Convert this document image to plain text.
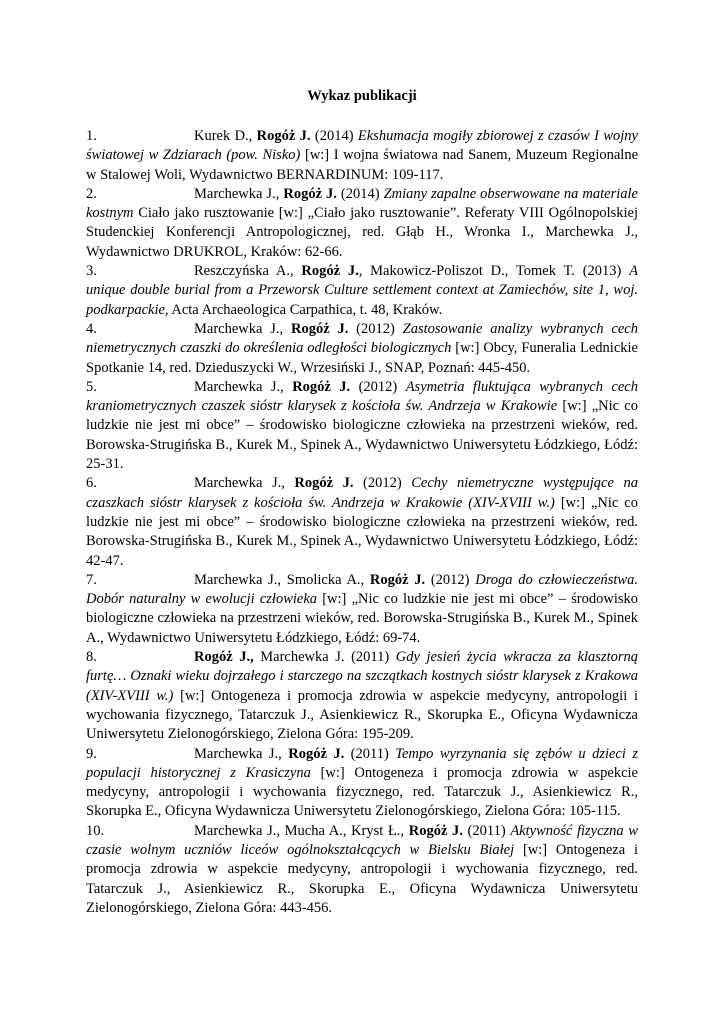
Wykaz publikacji

1.	Kurek D., Rogóż J. (2014) Ekshumacja mogiły zbiorowej z czasów I wojny światowej w Zdziarach (pow. Nisko) [w:] I wojna światowa nad Sanem, Muzeum Regionalne w Stalowej Woli, Wydawnictwo BERNARDINUM: 109-117.

2.	Marchewka J., Rogóż J. (2014) Zmiany zapalne obserwowane na materiale kostnym Ciało jako rusztowanie [w:] „Ciało jako rusztowanie”. Referaty VIII Ogólnopolskiej Studenckiej Konferencji Antropologicznej, red. Głąb H., Wronka I., Marchewka J., Wydawnictwo DRUKROL, Kraków: 62-66.

3.	Reszczyńska A., Rogóż J., Makowicz-Poliszot D., Tomek T. (2013) A unique double burial from a Przeworsk Culture settlement context at Zamiechów, site 1, woj. podkarpackie, Acta Archaeologica Carpathica, t. 48, Kraków.

4.	Marchewka J., Rogóż J. (2012) Zastosowanie analizy wybranych cech niemetrycznych czaszki do określenia odległości biologicznych [w:] Obcy, Funeralia Lednickie Spotkanie 14, red. Dzieduszycki W., Wrzesiński J., SNAP, Poznań: 445-450.

5.	Marchewka J., Rogóż J. (2012) Asymetria fluktująca wybranych cech kraniometrycznych czaszek sióstr klarysek z kościoła św. Andrzeja w Krakowie [w:] „Nic co ludzkie nie jest mi obce” – środowisko biologiczne człowieka na przestrzeni wieków, red. Borowska-Strugińska B., Kurek M., Spinek A., Wydawnictwo Uniwersytetu Łódzkiego, Łódź: 25-31.

6.	Marchewka J., Rogóż J. (2012) Cechy niemetryczne występujące na czaszkach sióstr klarysek z kościoła św. Andrzeja w Krakowie (XIV-XVIII w.) [w:] „Nic co ludzkie nie jest mi obce” – środowisko biologiczne człowieka na przestrzeni wieków, red. Borowska-Strugińska B., Kurek M., Spinek A., Wydawnictwo Uniwersytetu Łódzkiego, Łódź: 42-47.

7.	Marchewka J., Smolicka A., Rogóż J. (2012) Droga do człowieczeństwa. Dobór naturalny w ewolucji człowieka [w:] „Nic co ludzkie nie jest mi obce” – środowisko biologiczne człowieka na przestrzeni wieków, red. Borowska-Strugińska B., Kurek M., Spinek A., Wydawnictwo Uniwersytetu Łódzkiego, Łódź: 69-74.

8.	Rogóż J., Marchewka J. (2011) Gdy jesień życia wkracza za klasztorną furtę… Oznaki wieku dojrzałego i starczego na szczątkach kostnych sióstr klarysek z Krakowa (XIV-XVIII w.) [w:] Ontogeneza i promocja zdrowia w aspekcie medycyny, antropologii i wychowania fizycznego, Tatarczuk J., Asienkiewicz R., Skorupka E., Oficyna Wydawnicza Uniwersytetu Zielonogórskiego, Zielona Góra: 195-209.

9.	Marchewka J., Rogóż J. (2011) Tempo wyrzynania się zębów u dzieci z populacji historycznej z Krasiczyna [w:] Ontogeneza i promocja zdrowia w aspekcie medycyny, antropologii i wychowania fizycznego, red. Tatarczuk J., Asienkiewicz R., Skorupka E., Oficyna Wydawnicza Uniwersytetu Zielonogórskiego, Zielona Góra: 105-115.

10.	Marchewka J., Mucha A., Kryst Ł., Rogóż J. (2011) Aktywność fizyczna w czasie wolnym uczniów liceów ogólnokształcących w Bielsku Białej [w:] Ontogeneza i promocja zdrowia w aspekcie medycyny, antropologii i wychowania fizycznego, red. Tatarczuk J., Asienkiewicz R., Skorupka E., Oficyna Wydawnicza Uniwersytetu Zielonogórskiego, Zielona Góra: 443-456.
